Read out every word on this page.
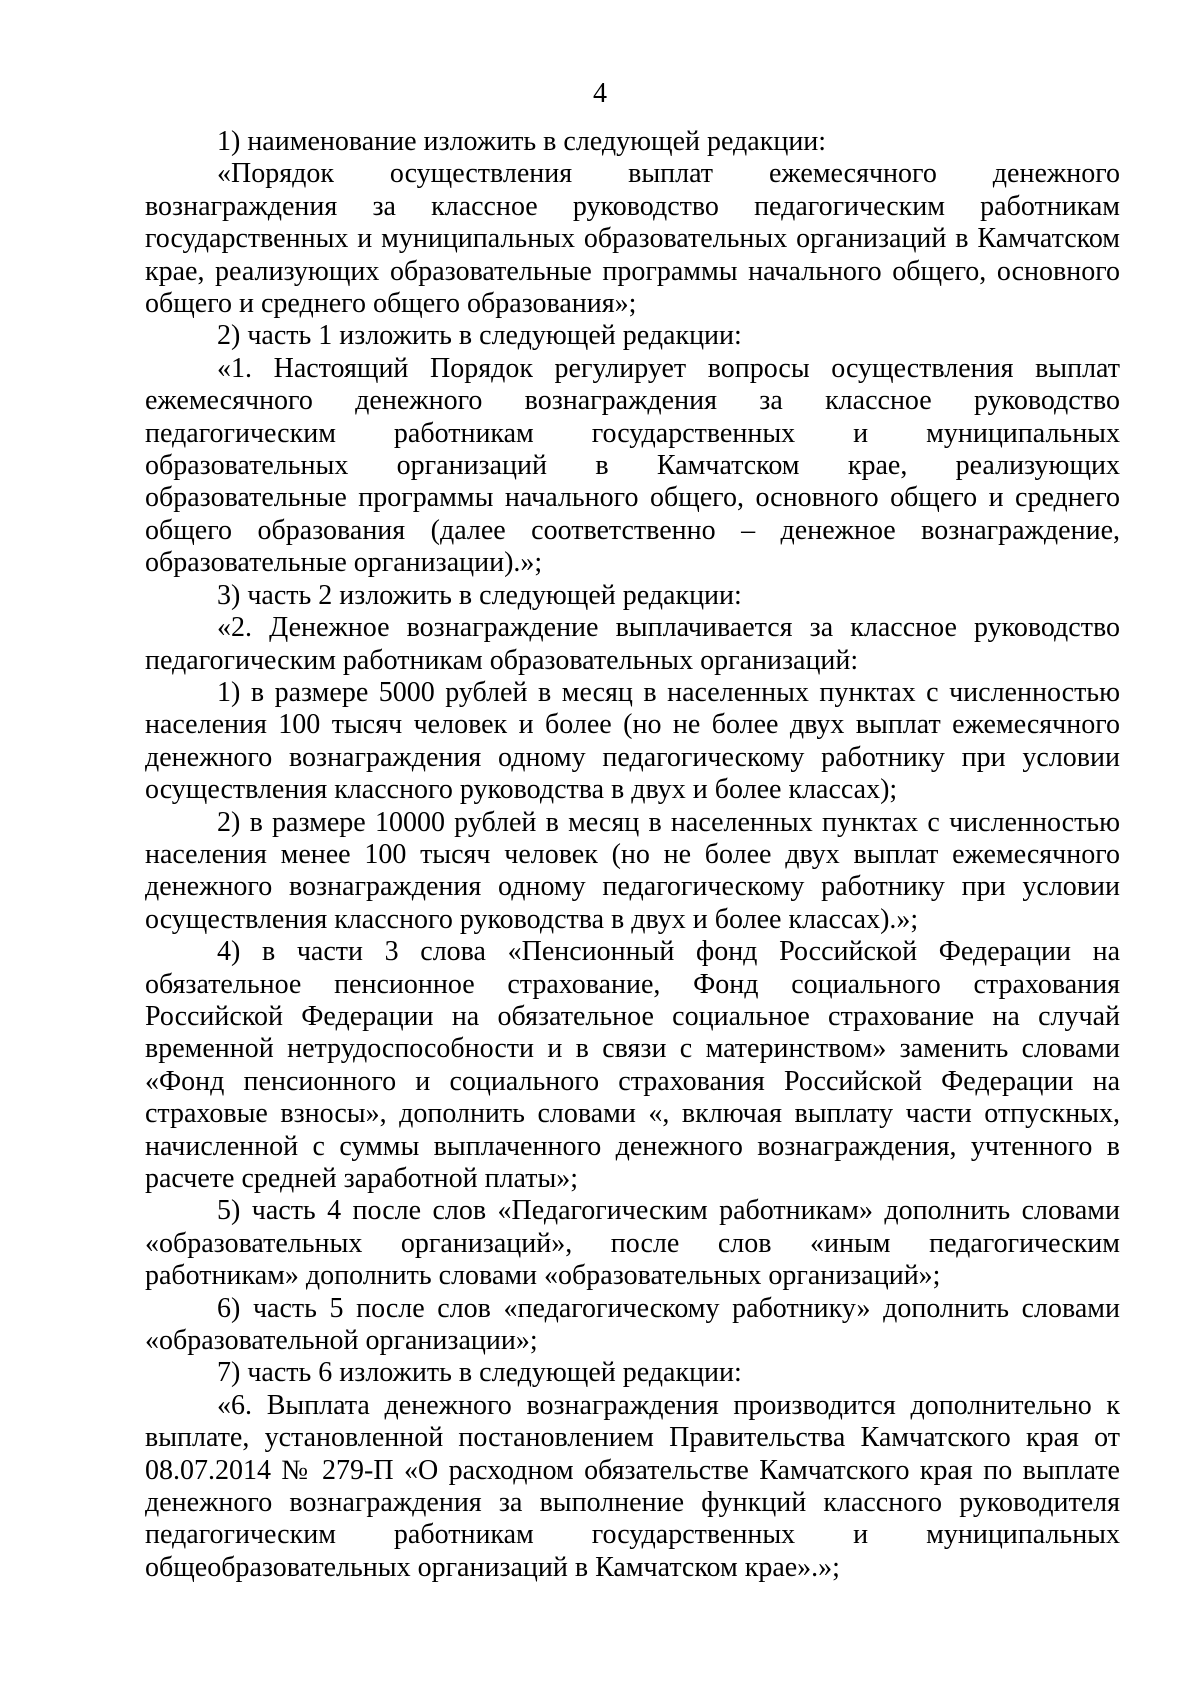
4

1) наименование изложить в следующей редакции:

«Порядок осуществления выплат ежемесячного денежного вознаграждения за классное руководство педагогическим работникам государственных и муниципальных образовательных организаций в Камчатском крае, реализующих образовательные программы начального общего, основного общего и среднего общего образования»;

2) часть 1 изложить в следующей редакции:

«1. Настоящий Порядок регулирует вопросы осуществления выплат ежемесячного денежного вознаграждения за классное руководство педагогическим работникам государственных и муниципальных образовательных организаций в Камчатском крае, реализующих образовательные программы начального общего, основного общего и среднего общего образования (далее соответственно – денежное вознаграждение, образовательные организации).»;

3) часть 2 изложить в следующей редакции:

«2. Денежное вознаграждение выплачивается за классное руководство педагогическим работникам образовательных организаций:

1) в размере 5000 рублей в месяц в населенных пунктах с численностью населения 100 тысяч человек и более (но не более двух выплат ежемесячного денежного вознаграждения одному педагогическому работнику при условии осуществления классного руководства в двух и более классах);

2) в размере 10000 рублей в месяц в населенных пунктах с численностью населения менее 100 тысяч человек (но не более двух выплат ежемесячного денежного вознаграждения одному педагогическому работнику при условии осуществления классного руководства в двух и более классах).»;

4) в части 3 слова «Пенсионный фонд Российской Федерации на обязательное пенсионное страхование, Фонд социального страхования Российской Федерации на обязательное социальное страхование на случай временной нетрудоспособности и в связи с материнством» заменить словами «Фонд пенсионного и социального страхования Российской Федерации на страховые взносы», дополнить словами «, включая выплату части отпускных, начисленной с суммы выплаченного денежного вознаграждения, учтенного в расчете средней заработной платы»;

5) часть 4 после слов «Педагогическим работникам» дополнить словами «образовательных организаций», после слов «иным педагогическим работникам» дополнить словами «образовательных организаций»;

6) часть 5 после слов «педагогическому работнику» дополнить словами «образовательной организации»;

7) часть 6 изложить в следующей редакции:

«6. Выплата денежного вознаграждения производится дополнительно к выплате, установленной постановлением Правительства Камчатского края от 08.07.2014 № 279-П «О расходном обязательстве Камчатского края по выплате денежного вознаграждения за выполнение функций классного руководителя педагогическим работникам государственных и муниципальных общеобразовательных организаций в Камчатском крае».»;
